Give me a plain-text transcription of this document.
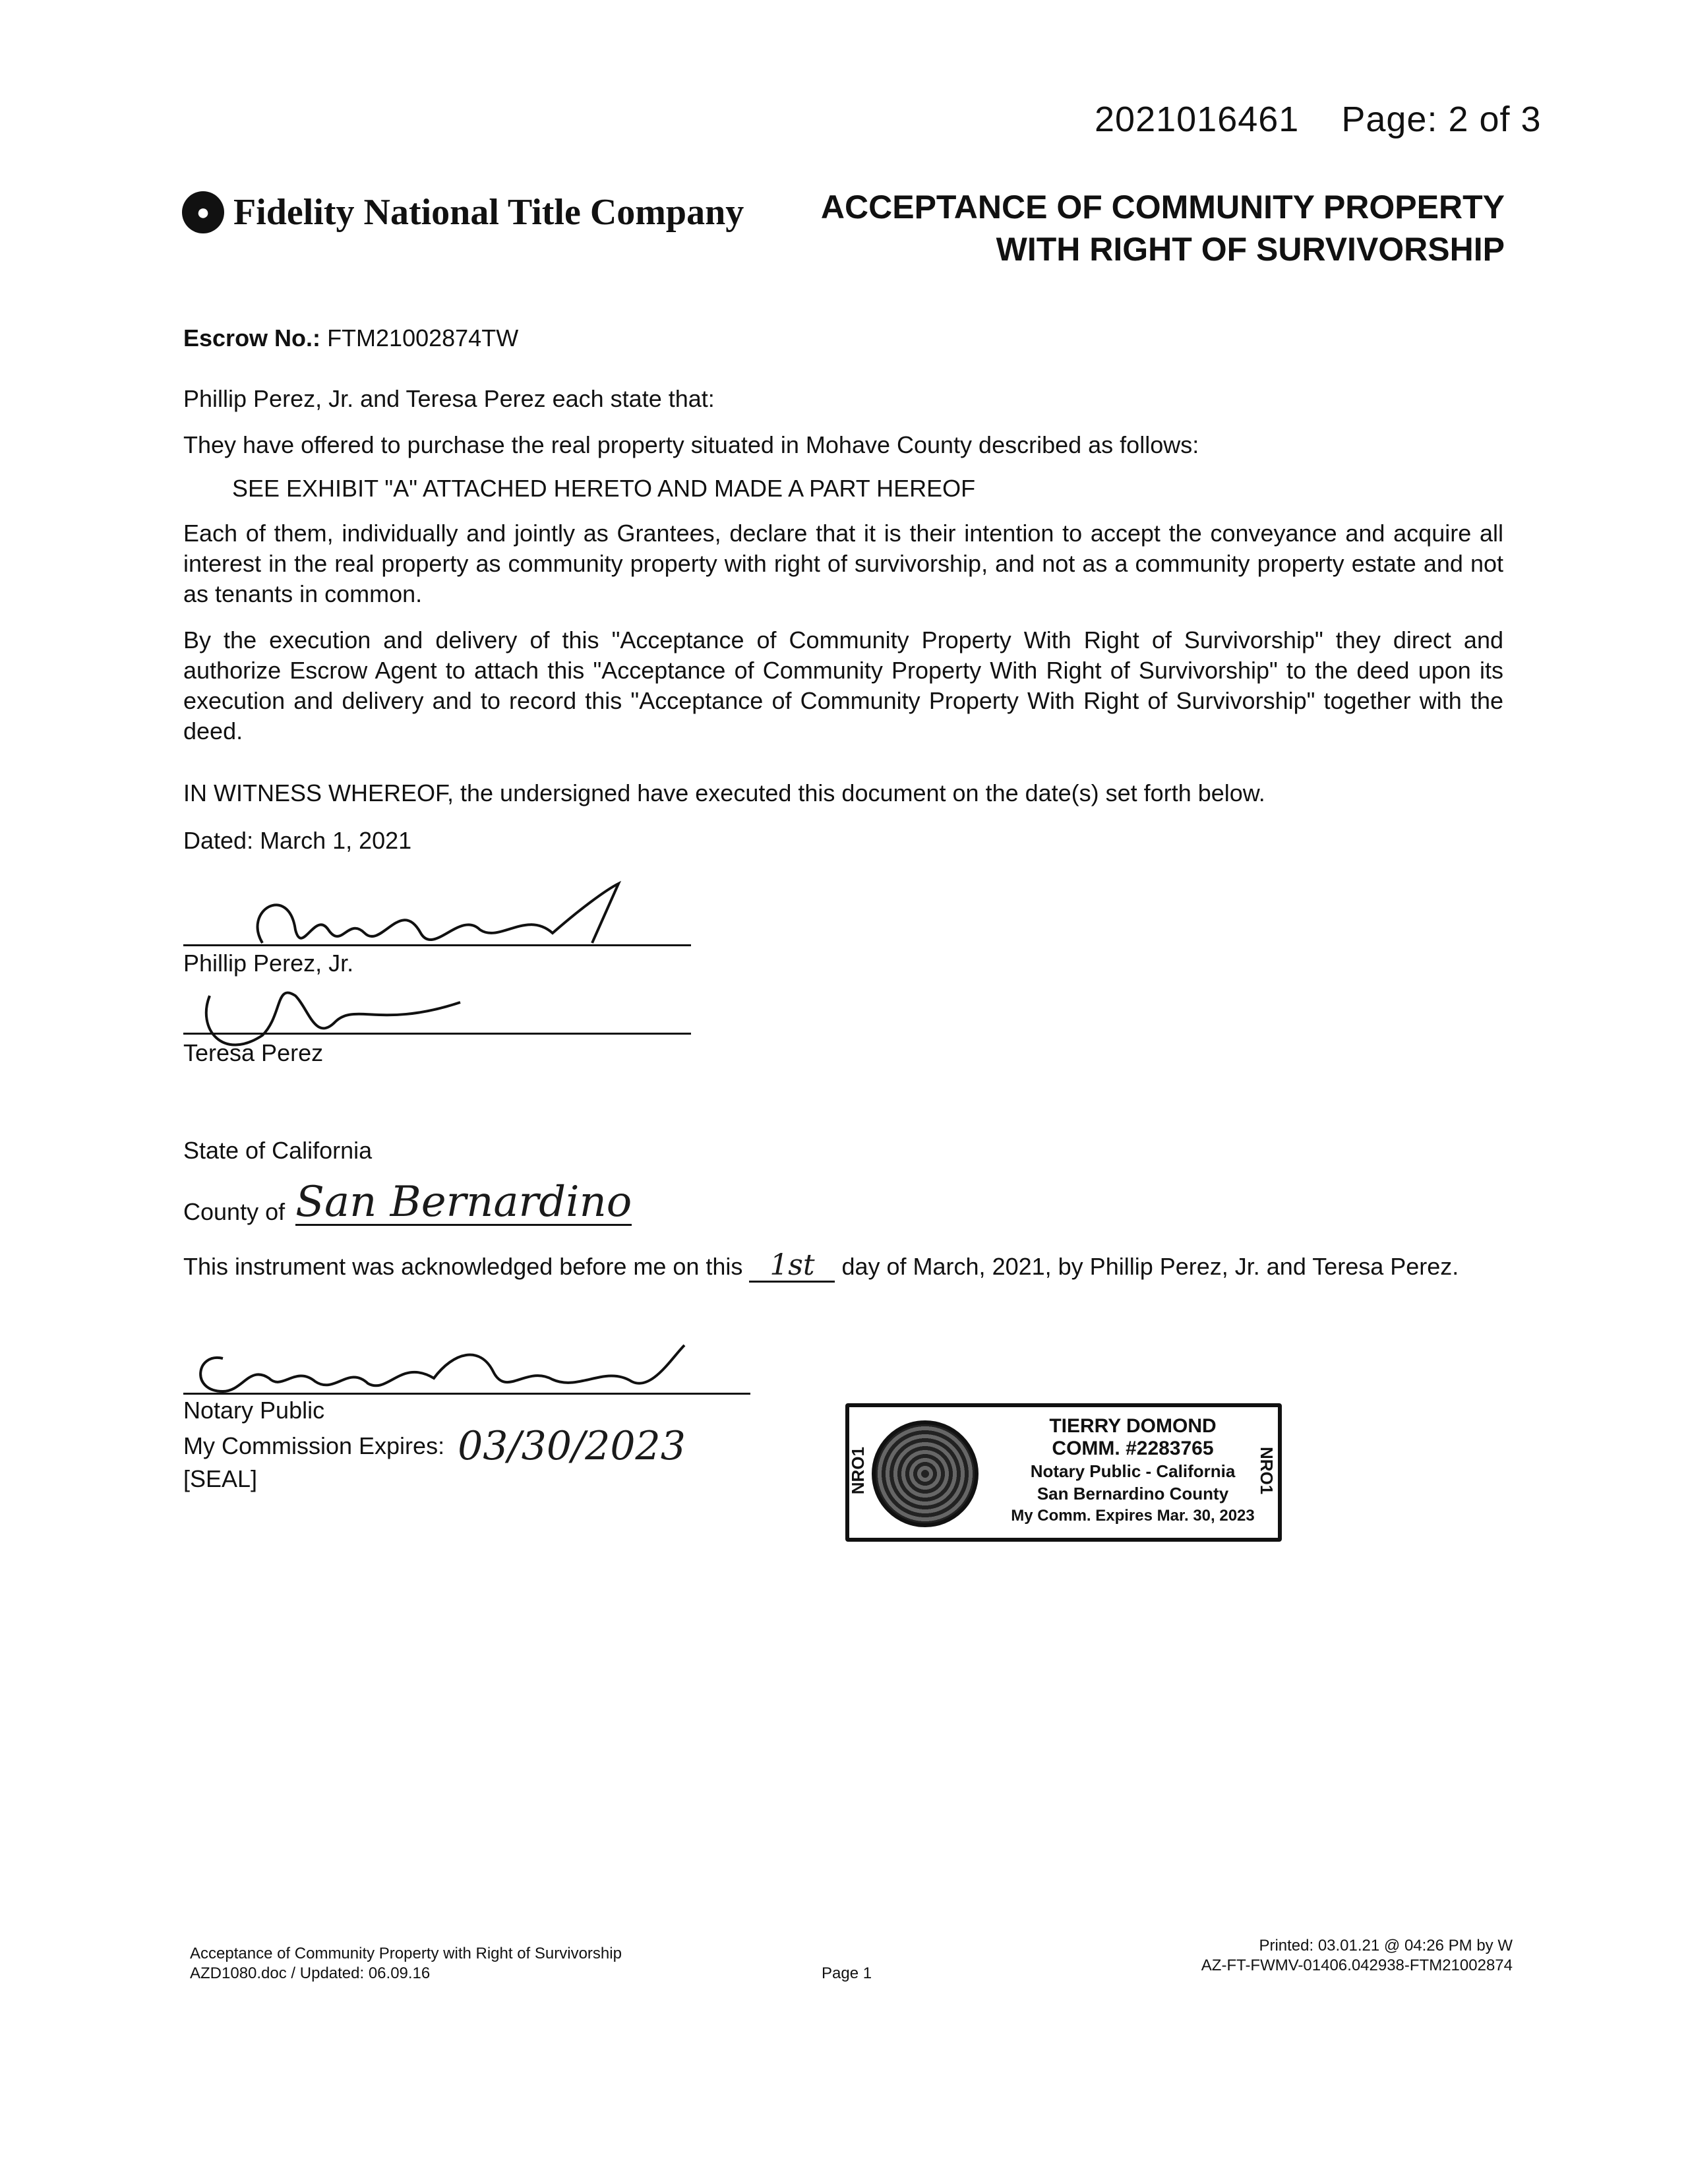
2021016461 Page: 2 of 3
● Fidelity National Title Company ACCEPTANCE OF COMMUNITY PROPERTY
WITH RIGHT OF SURVIVORSHIP
Escrow No.: FTM21002874TW
Phillip Perez, Jr. and Teresa Perez each state that:
They have offered to purchase the real property situated in Mohave County described as follows:
SEE EXHIBIT "A" ATTACHED HERETO AND MADE A PART HEREOF
Each of them, individually and jointly as Grantees, declare that it is their intention to accept the conveyance and acquire all interest in the real property as community property with right of survivorship, and not as a community property estate and not as tenants in common.
By the execution and delivery of this "Acceptance of Community Property With Right of Survivorship" they direct and authorize Escrow Agent to attach this "Acceptance of Community Property With Right of Survivorship" to the deed upon its execution and delivery and to record this "Acceptance of Community Property With Right of Survivorship" together with the deed.
IN WITNESS WHEREOF, the undersigned have executed this document on the date(s) set forth below.
Dated: March 1, 2021
Phillip Perez, Jr.
Teresa Perez
State of California
County of San Bernardino
This instrument was acknowledged before me on this 1st day of March, 2021, by Phillip Perez, Jr. and Teresa Perez.
Notary Public
My Commission Expires: 03/30/2023
[SEAL]	NRO1	NRO1
TIERRY DOMOND
COMM. #2283765
Notary Public - California
San Bernardino County
My Comm. Expires Mar. 30, 2023
Acceptance of Community Property with Right of Survivorship
AZD1080.doc / Updated: 06.09.16	Page 1
Printed: 03.01.21 @ 04:26 PM by W
AZ-FT-FWMV-01406.042938-FTM21002874
